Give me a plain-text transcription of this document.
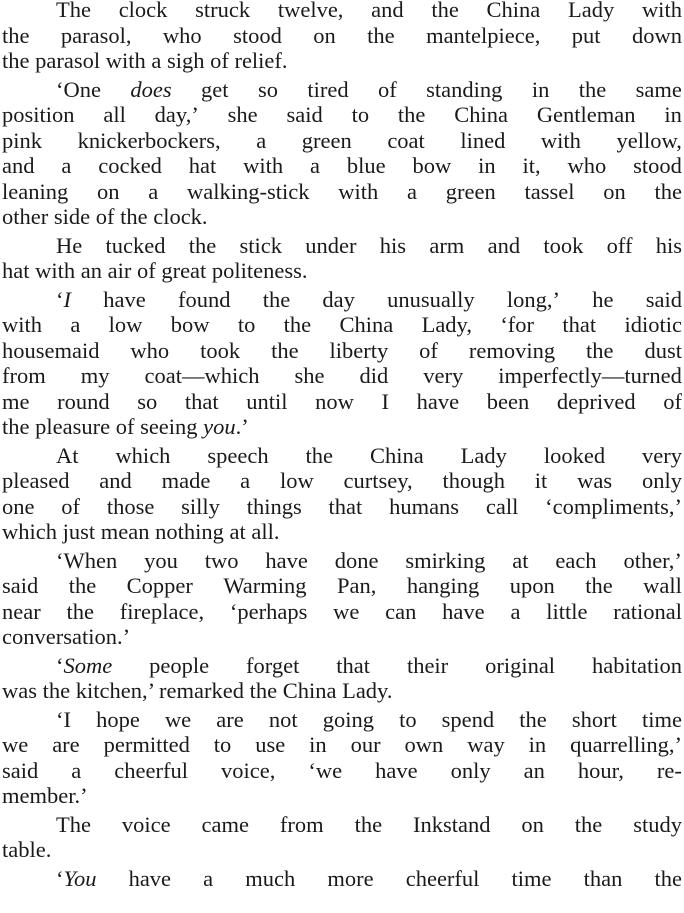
The clock struck twelve, and the China Lady with
the parasol, who stood on the mantelpiece, put down
the parasol with a sigh of relief.
‘One does get so tired of standing in the same
position all day,’ she said to the China Gentleman in
pink knickerbockers, a green coat lined with yellow,
and a cocked hat with a blue bow in it, who stood
leaning on a walking-stick with a green tassel on the
other side of the clock.
He tucked the stick under his arm and took off his
hat with an air of great politeness.
‘I have found the day unusually long,’ he said
with a low bow to the China Lady, ‘for that idiotic
housemaid who took the liberty of removing the dust
from my coat—which she did very imperfectly—turned
me round so that until now I have been deprived of
the pleasure of seeing you.’
At which speech the China Lady looked very
pleased and made a low curtsey, though it was only
one of those silly things that humans call ‘compliments,’
which just mean nothing at all.
‘When you two have done smirking at each other,’
said the Copper Warming Pan, hanging upon the wall
near the fireplace, ‘perhaps we can have a little rational
conversation.’
‘Some people forget that their original habitation
was the kitchen,’ remarked the China Lady.
‘I hope we are not going to spend the short time
we are permitted to use in our own way in quarrelling,’
said a cheerful voice, ‘we have only an hour, re-
member.’
The voice came from the Inkstand on the study
table.
‘You have a much more cheerful time than the
